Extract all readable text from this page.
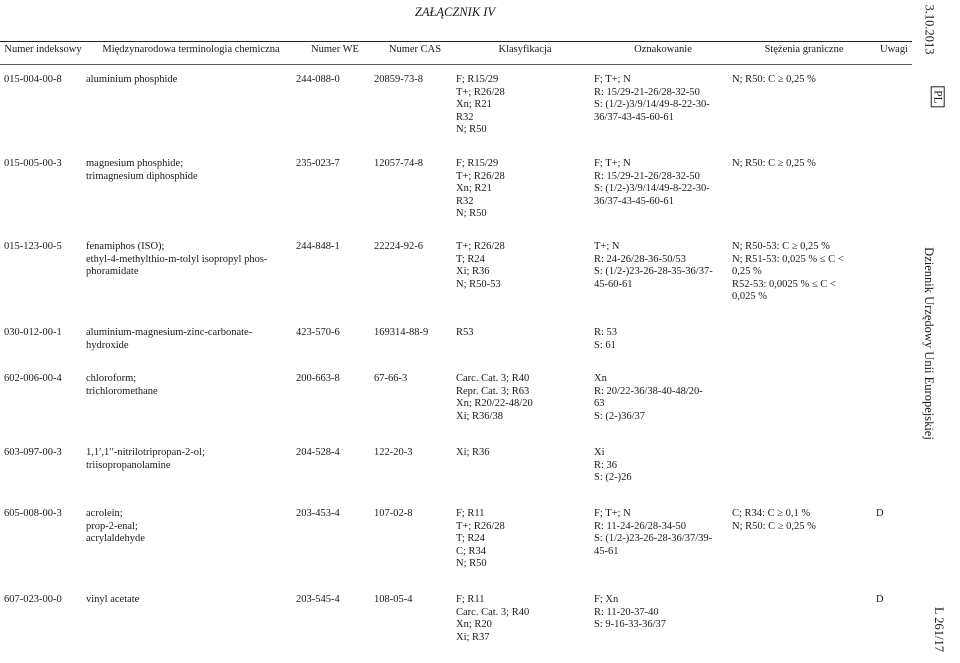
ZAŁĄCZNIK IV
Numer indeksowy	Międzynarodowa terminologia chemiczna	Numer WE	Numer CAS	Klasyfikacja	Oznakowanie	Stężenia graniczne	Uwagi
015-004-00-8	aluminium phosphide	244-088-0	20859-73-8	F; R15/29
T+; R26/28
Xn; R21
R32
N; R50	F; T+; N
R: 15/29-21-26/28-32-50
S: (1/2-)3/9/14/49-8-22-30-
36/37-43-45-60-61	N; R50: C ≥ 0,25 %	
015-005-00-3	magnesium phosphide;
trimagnesium diphosphide	235-023-7	12057-74-8	F; R15/29
T+; R26/28
Xn; R21
R32
N; R50	F; T+; N
R: 15/29-21-26/28-32-50
S: (1/2-)3/9/14/49-8-22-30-
36/37-43-45-60-61	N; R50: C ≥ 0,25 %	
015-123-00-5	fenamiphos (ISO);
ethyl-4-methylthio-m-tolyl isopropyl phos-
phoramidate	244-848-1	22224-92-6	T+; R26/28
T; R24
Xi; R36
N; R50-53	T+; N
R: 24-26/28-36-50/53
S: (1/2-)23-26-28-35-36/37-
45-60-61	N; R50-53: C ≥ 0,25 %
N; R51-53: 0,025 % ≤ C <
0,25 %
R52-53: 0,0025 % ≤ C <
0,025 %	
030-012-00-1	aluminium-magnesium-zinc-carbonate-
hydroxide	423-570-6	169314-88-9	R53	R: 53
S: 61		
602-006-00-4	chloroform;
trichloromethane	200-663-8	67-66-3	Carc. Cat. 3; R40
Repr. Cat. 3; R63
Xn; R20/22-48/20
Xi; R36/38	Xn
R: 20/22-36/38-40-48/20-
63
S: (2-)36/37		
603-097-00-3	1,1′,1′′-nitrilotripropan-2-ol;
triisopropanolamine	204-528-4	122-20-3	Xi; R36	Xi
R: 36
S: (2-)26		
605-008-00-3	acrolein;
prop-2-enal;
acrylaldehyde	203-453-4	107-02-8	F; R11
T+; R26/28
T; R24
C; R34
N; R50	F; T+; N
R: 11-24-26/28-34-50
S: (1/2-)23-26-28-36/37/39-
45-61	C; R34: C ≥ 0,1 %
N; R50: C ≥ 0,25 %	D
607-023-00-0	vinyl acetate	203-545-4	108-05-4	F; R11
Carc. Cat. 3; R40
Xn; R20
Xi; R37	F; Xn
R: 11-20-37-40
S: 9-16-33-36/37		D
3.10.2013
PL
Dziennik Urzędowy Unii Europejskiej
L 261/17
